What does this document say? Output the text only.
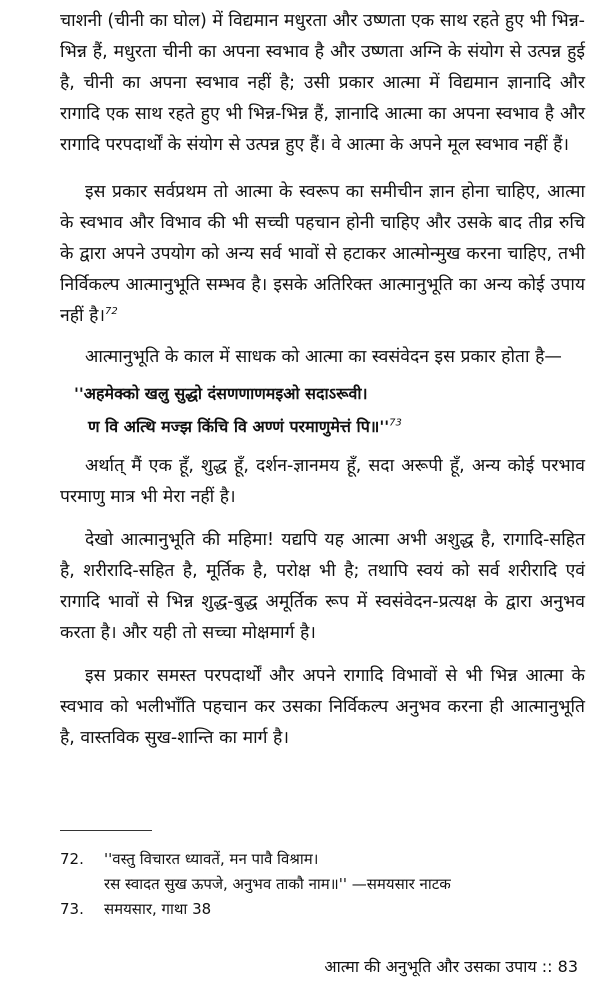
चाशनी (चीनी का घोल) में विद्यमान मधुरता और उष्णता एक साथ रहते हुए भी भिन्न-भिन्न हैं, मधुरता चीनी का अपना स्वभाव है और उष्णता अग्नि के संयोग से उत्पन्न हुई है, चीनी का अपना स्वभाव नहीं है; उसी प्रकार आत्मा में विद्यमान ज्ञानादि और रागादि एक साथ रहते हुए भी भिन्न-भिन्न हैं, ज्ञानादि आत्मा का अपना स्वभाव है और रागादि परपदार्थों के संयोग से उत्पन्न हुए हैं। वे आत्मा के अपने मूल स्वभाव नहीं हैं।

इस प्रकार सर्वप्रथम तो आत्मा के स्वरूप का समीचीन ज्ञान होना चाहिए, आत्मा के स्वभाव और विभाव की भी सच्ची पहचान होनी चाहिए और उसके बाद तीव्र रुचि के द्वारा अपने उपयोग को अन्य सर्व भावों से हटाकर आत्मोन्मुख करना चाहिए, तभी निर्विकल्प आत्मानुभूति सम्भव है। इसके अतिरिक्त आत्मानुभूति का अन्य कोई उपाय नहीं है।$^{72}$

आत्मानुभूति के काल में साधक को आत्मा का स्वसंवेदन इस प्रकार होता है—

''अहमेक्को खलु सुद्धो दंसणणाणमइओ सदाऽरूवी।
ण वि अत्थि मज्झ किंचि वि अण्णं परमाणुमेत्तं $पि॥''^{73}$

अर्थात् मैं एक हूँ, शुद्ध हूँ, दर्शन-ज्ञानमय हूँ, सदा अरूपी हूँ, अन्य कोई परभाव परमाणु मात्र भी मेरा नहीं है।

देखो आत्मानुभूति की महिमा! यद्यपि यह आत्मा अभी अशुद्ध है, रागादि-सहित है, शरीरादि-सहित है, मूर्तिक है, परोक्ष भी है; तथापि स्वयं को सर्व शरीरादि एवं रागादि भावों से भिन्न शुद्ध-बुद्ध अमूर्तिक रूप में स्वसंवेदन-प्रत्यक्ष के द्वारा अनुभव करता है। और यही तो सच्चा मोक्षमार्ग है।

इस प्रकार समस्त परपदार्थों और अपने रागादि विभावों से भी भिन्न आत्मा के स्वभाव को भलीभाँति पहचान कर उसका निर्विकल्प अनुभव करना ही आत्मानुभूति है, वास्तविक सुख-शान्ति का मार्ग है।

72.	''वस्तु विचारत ध्यावतें, मन पावै विश्राम।
रस स्वादत सुख ऊपजे, अनुभव ताकौ नाम॥'' —समयसार नाटक
73.	समयसार, गाथा 38
आत्मा की अनुभूति और उसका उपाय :: 83
